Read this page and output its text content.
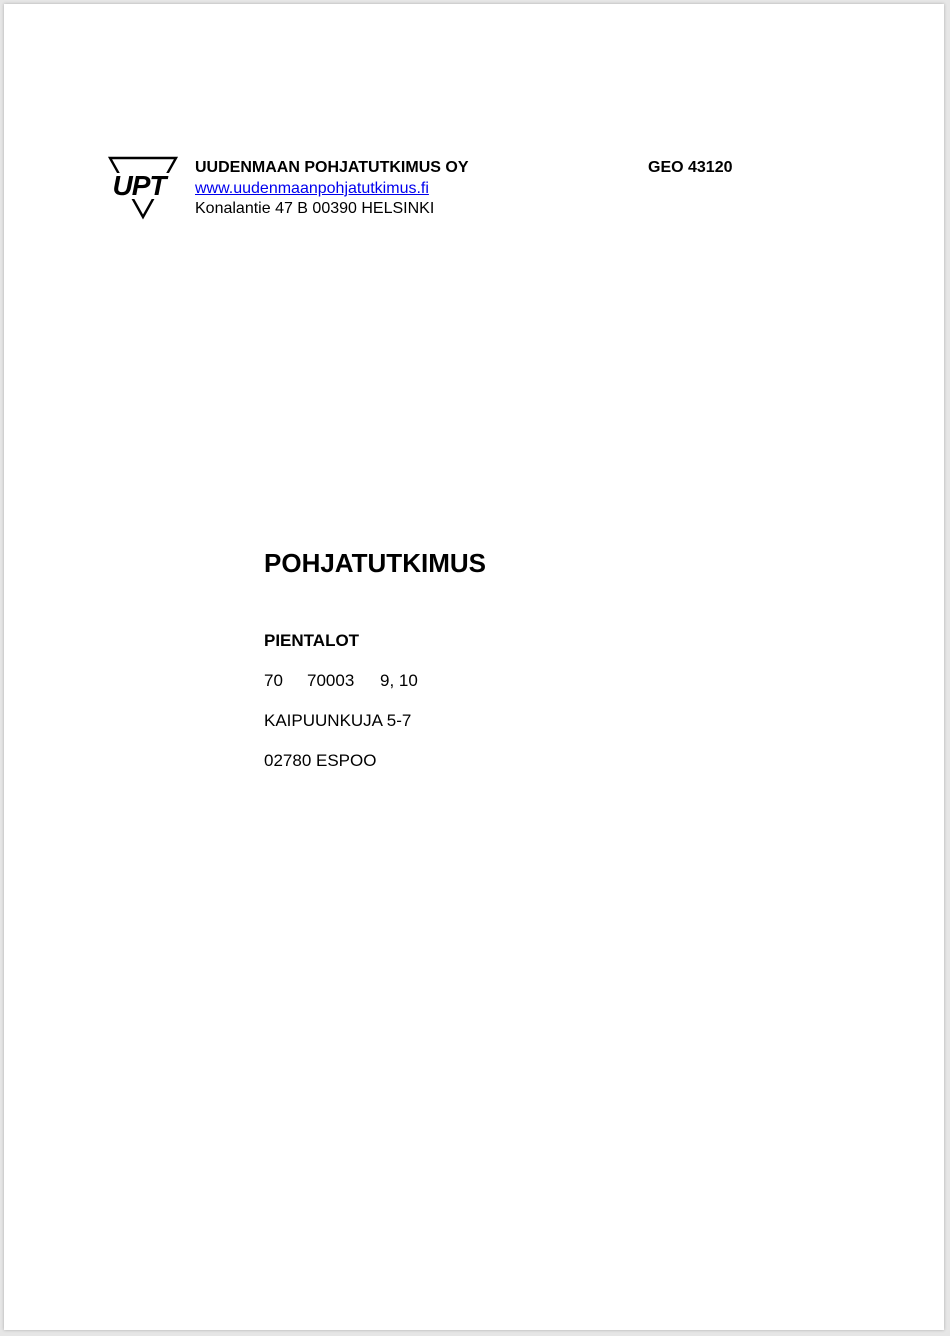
UPT
UUDENMAAN POHJATUTKIMUS OY
www.uudenmaanpohjatutkimus.fi
Konalantie 47 B 00390 HELSINKI
GEO 43120
POHJATUTKIMUS
PIENTALOT
70 70003 9, 10
KAIPUUNKUJA 5-7
02780 ESPOO
